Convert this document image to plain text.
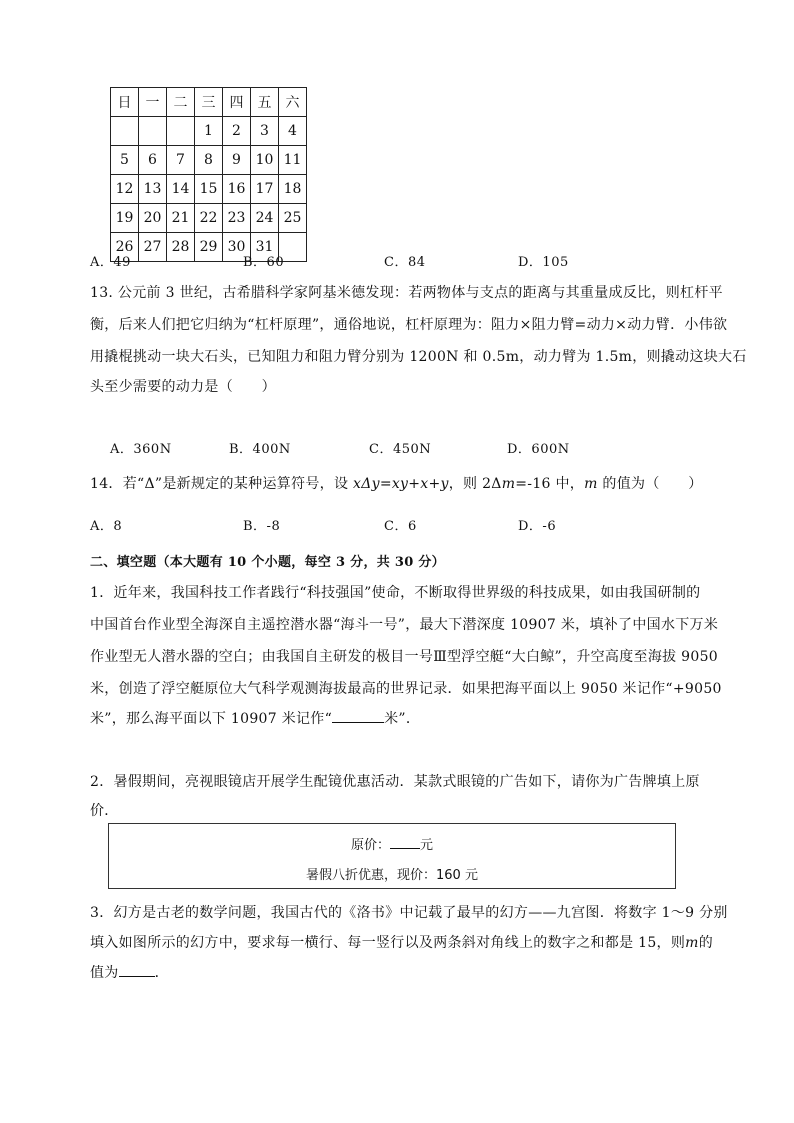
日	一	二	三	四	五	六
			1	2	3	4
5	6	7	8	9	10	11
12	13	14	15	16	17	18
19	20	21	22	23	24	25
26	27	28	29	30	31	
A．49	B．60	C．84	D．105
13. 公元前 3 世纪，古希腊科学家阿基米德发现：若两物体与支点的距离与其重量成反比，则杠杆平
衡，后来人们把它归纳为“杠杆原理”，通俗地说，杠杆原理为：阻力×阻力臂=动力×动力臂．小伟欲
用撬棍挑动一块大石头，已知阻力和阻力臂分别为 1200N 和 0.5m，动力臂为 1.5m，则撬动这块大石
头至少需要的动力是（　　）
A．360N	B．400N	C．450N	D．600N
14．若“Δ”是新规定的某种运算符号，设 xΔy=xy+x+y，则 2Δm=-16 中，m 的值为（　　）
A．8	B．-8	C．6	D．-6
二、填空题（本大题有 10 个小题，每空 3 分，共 30 分）
1．近年来，我国科技工作者践行“科技强国”使命，不断取得世界级的科技成果，如由我国研制的
中国首台作业型全海深自主遥控潜水器“海斗一号”，最大下潜深度 10907 米，填补了中国水下万米
作业型无人潜水器的空白；由我国自主研发的极目一号Ⅲ型浮空艇“大白鲸”，升空高度至海拔 9050
米，创造了浮空艇原位大气科学观测海拔最高的世界记录．如果把海平面以上 9050 米记作“+9050
米”，那么海平面以下 10907 米记作“	米”．
2．暑假期间，亮视眼镜店开展学生配镜优惠活动．某款式眼镜的广告如下，请你为广告牌填上原
价．
原价： 元
暑假八折优惠，现价：160 元
3．幻方是古老的数学问题，我国古代的《洛书》中记载了最早的幻方——九宫图．将数字 1～9 分别
填入如图所示的幻方中，要求每一横行、每一竖行以及两条斜对角线上的数字之和都是 15，则m的
值为	．
